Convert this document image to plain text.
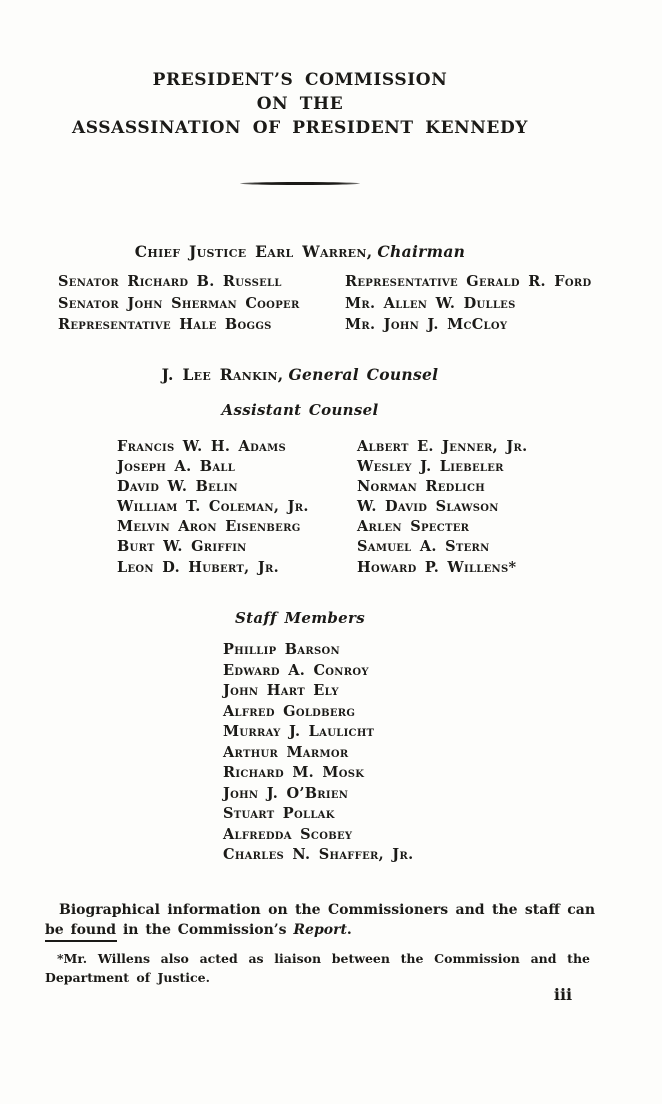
PRESIDENT’S COMMISSION
ON THE
ASSASSINATION OF PRESIDENT KENNEDY
Chief Justice Earl Warren, Chairman
Senator Richard B. Russell
Senator John Sherman Cooper
Representative Hale Boggs
Representative Gerald R. Ford
Mr. Allen W. Dulles
Mr. John J. McCloy
J. Lee Rankin, General Counsel
Assistant Counsel
Francis W. H. Adams
Joseph A. Ball
David W. Belin
William T. Coleman, Jr.
Melvin Aron Eisenberg
Burt W. Griffin
Leon D. Hubert, Jr.
Albert E. Jenner, Jr.
Wesley J. Liebeler
Norman Redlich
W. David Slawson
Arlen Specter
Samuel A. Stern
Howard P. Willens*
Staff Members
Phillip Barson
Edward A. Conroy
John Hart Ely
Alfred Goldberg
Murray J. Laulicht
Arthur Marmor
Richard M. Mosk
John J. O’Brien
Stuart Pollak
Alfredda Scobey
Charles N. Shaffer, Jr.
Biographical information on the Commissioners and the staff can be found in the Commission’s Report.
*Mr. Willens also acted as liaison between the Commission and the Department of Justice.
iii
